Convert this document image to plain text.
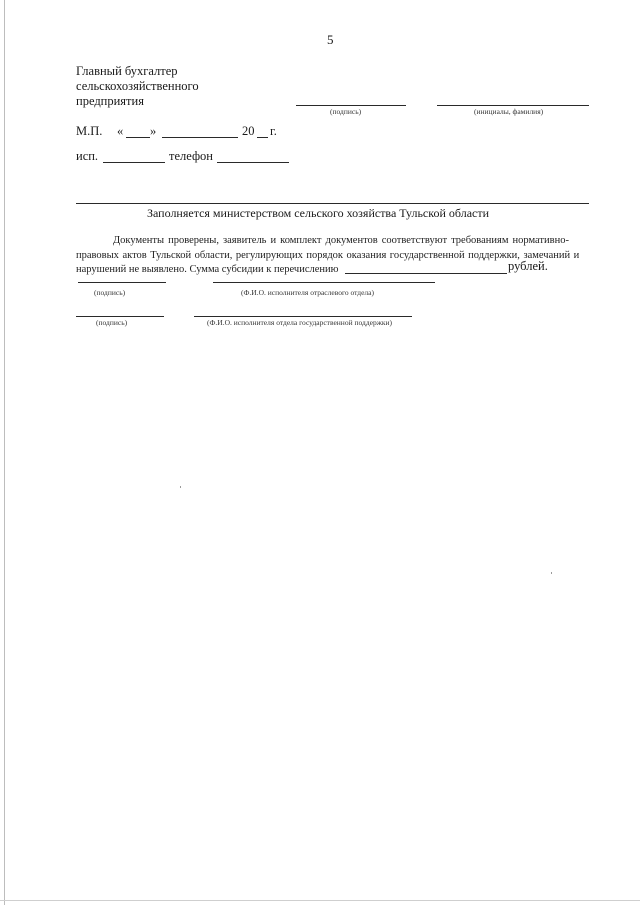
5
Главный бухгалтер
сельскохозяйственного
предприятия
(подпись)	(инициалы, фамилия)
М.П. « »	20 г.
исп.	телефон
Заполняется министерством сельского хозяйства Тульской области
Документы проверены, заявитель и комплект документов соответствуют требованиям нормативно-
правовых актов Тульской области, регулирующих порядок оказания государственной поддержки, замечаний и
нарушений не выявлено. Сумма субсидии к перечислению	рублей.
(подпись)	(Ф.И.О. исполнителя отраслевого отдела)
(подпись)	(Ф.И.О. исполнителя отдела государственной поддержки)
